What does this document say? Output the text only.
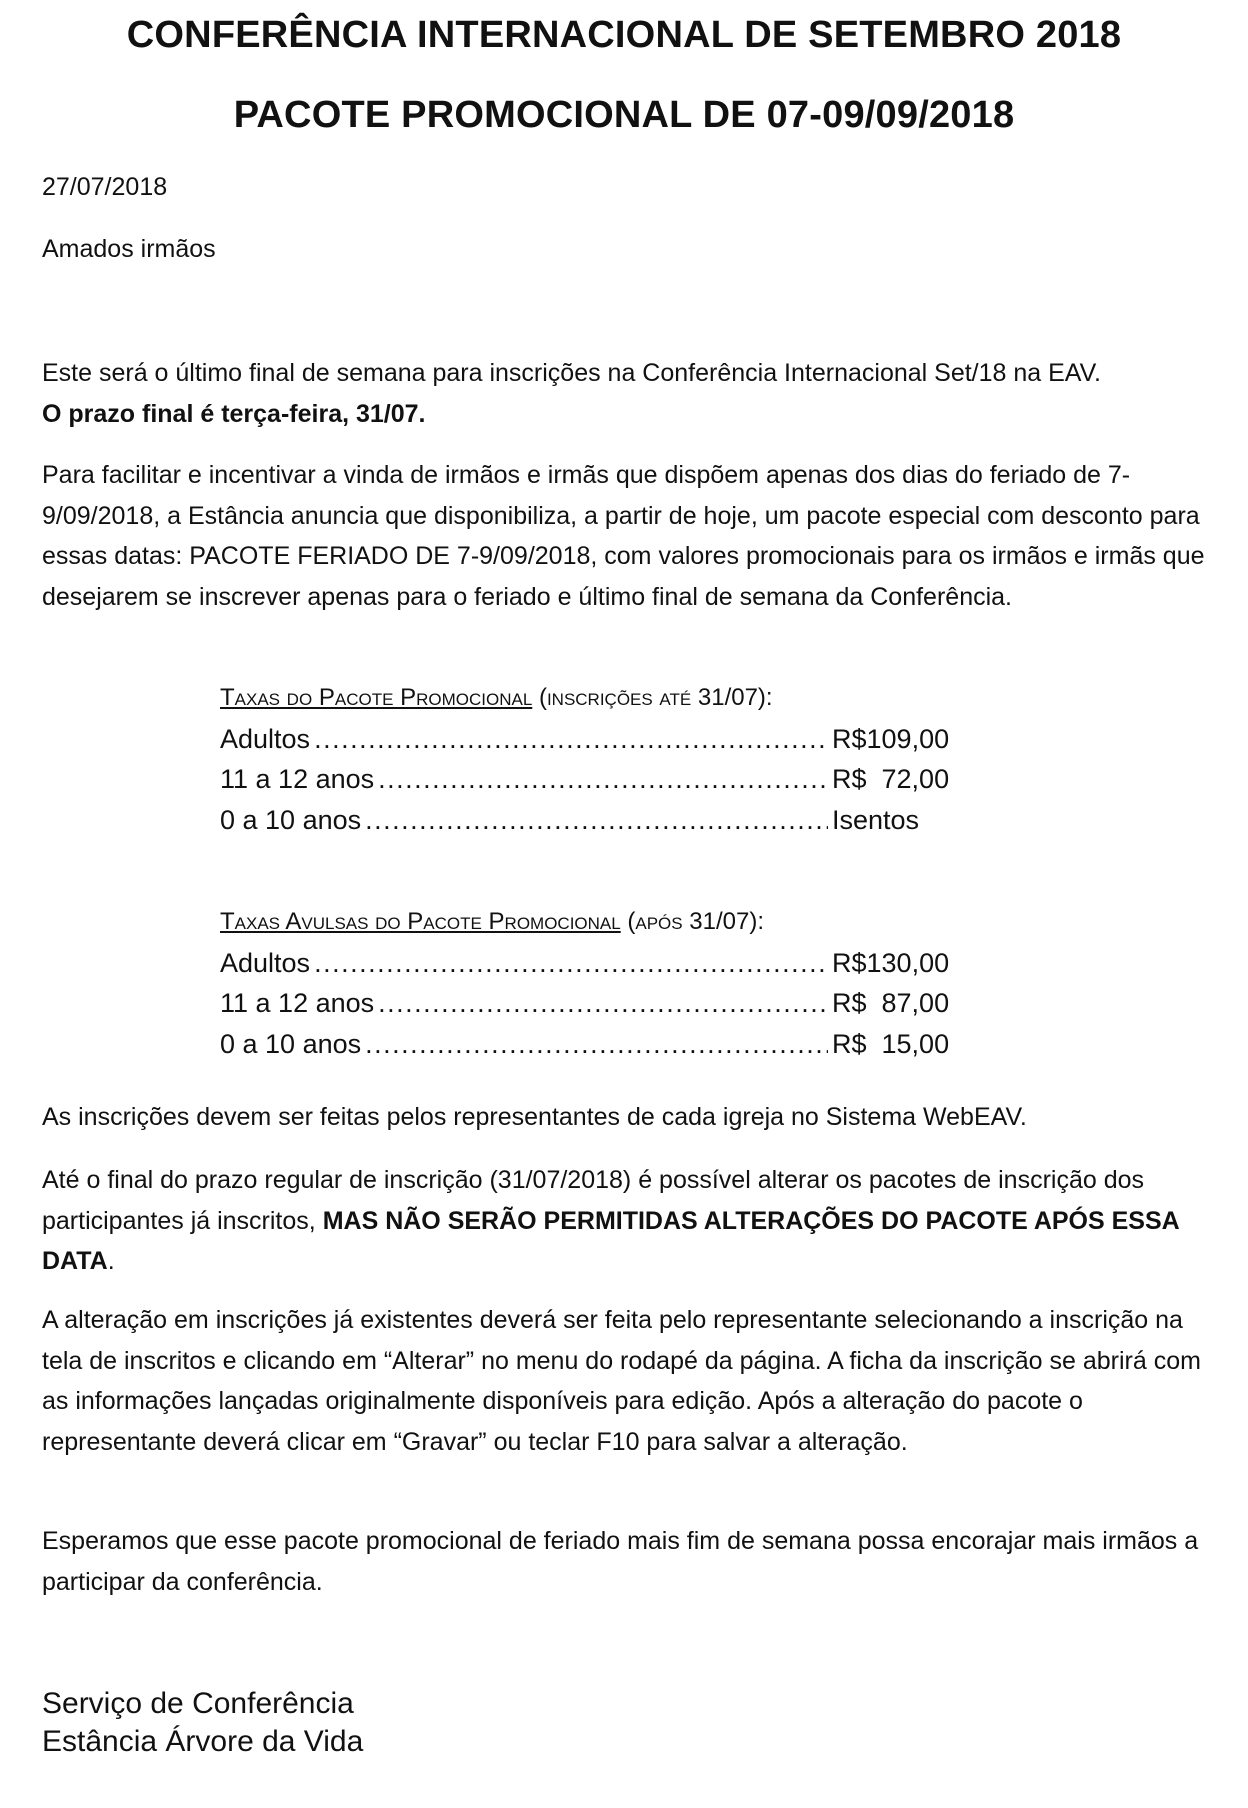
CONFERÊNCIA INTERNACIONAL DE SETEMBRO 2018
PACOTE PROMOCIONAL DE 07-09/09/2018
27/07/2018
Amados irmãos
Este será o último final de semana para inscrições na Conferência Internacional Set/18 na EAV.
O prazo final é terça-feira, 31/07.
Para facilitar e incentivar a vinda de irmãos e irmãs que dispõem apenas dos dias do feriado de 7-9/09/2018, a Estância anuncia que disponibiliza, a partir de hoje, um pacote especial com desconto para essas datas: PACOTE FERIADO DE 7-9/09/2018, com valores promocionais para os irmãos e irmãs que desejarem se inscrever apenas para o feriado e último final de semana da Conferência.
Taxas do Pacote Promocional (inscrições até 31/07):
Adultos .....	R$109,00
11 a 12 anos .....	R$  72,00
0 a 10 anos .....	Isentos
Taxas Avulsas do Pacote Promocional (após 31/07):
Adultos .....	R$130,00
11 a 12 anos .....	R$  87,00
0 a 10 anos .....	R$  15,00
As inscrições devem ser feitas pelos representantes de cada igreja no Sistema WebEAV.
Até o final do prazo regular de inscrição (31/07/2018) é possível alterar os pacotes de inscrição dos participantes já inscritos, MAS NÃO SERÃO PERMITIDAS ALTERAÇÕES DO PACOTE APÓS ESSA DATA.
A alteração em inscrições já existentes deverá ser feita pelo representante selecionando a inscrição na tela de inscritos e clicando em “Alterar” no menu do rodapé da página. A ficha da inscrição se abrirá com as informações lançadas originalmente disponíveis para edição. Após a alteração do pacote o representante deverá clicar em “Gravar” ou teclar F10 para salvar a alteração.
Esperamos que esse pacote promocional de feriado mais fim de semana possa encorajar mais irmãos a participar da conferência.
Serviço de Conferência
Estância Árvore da Vida
